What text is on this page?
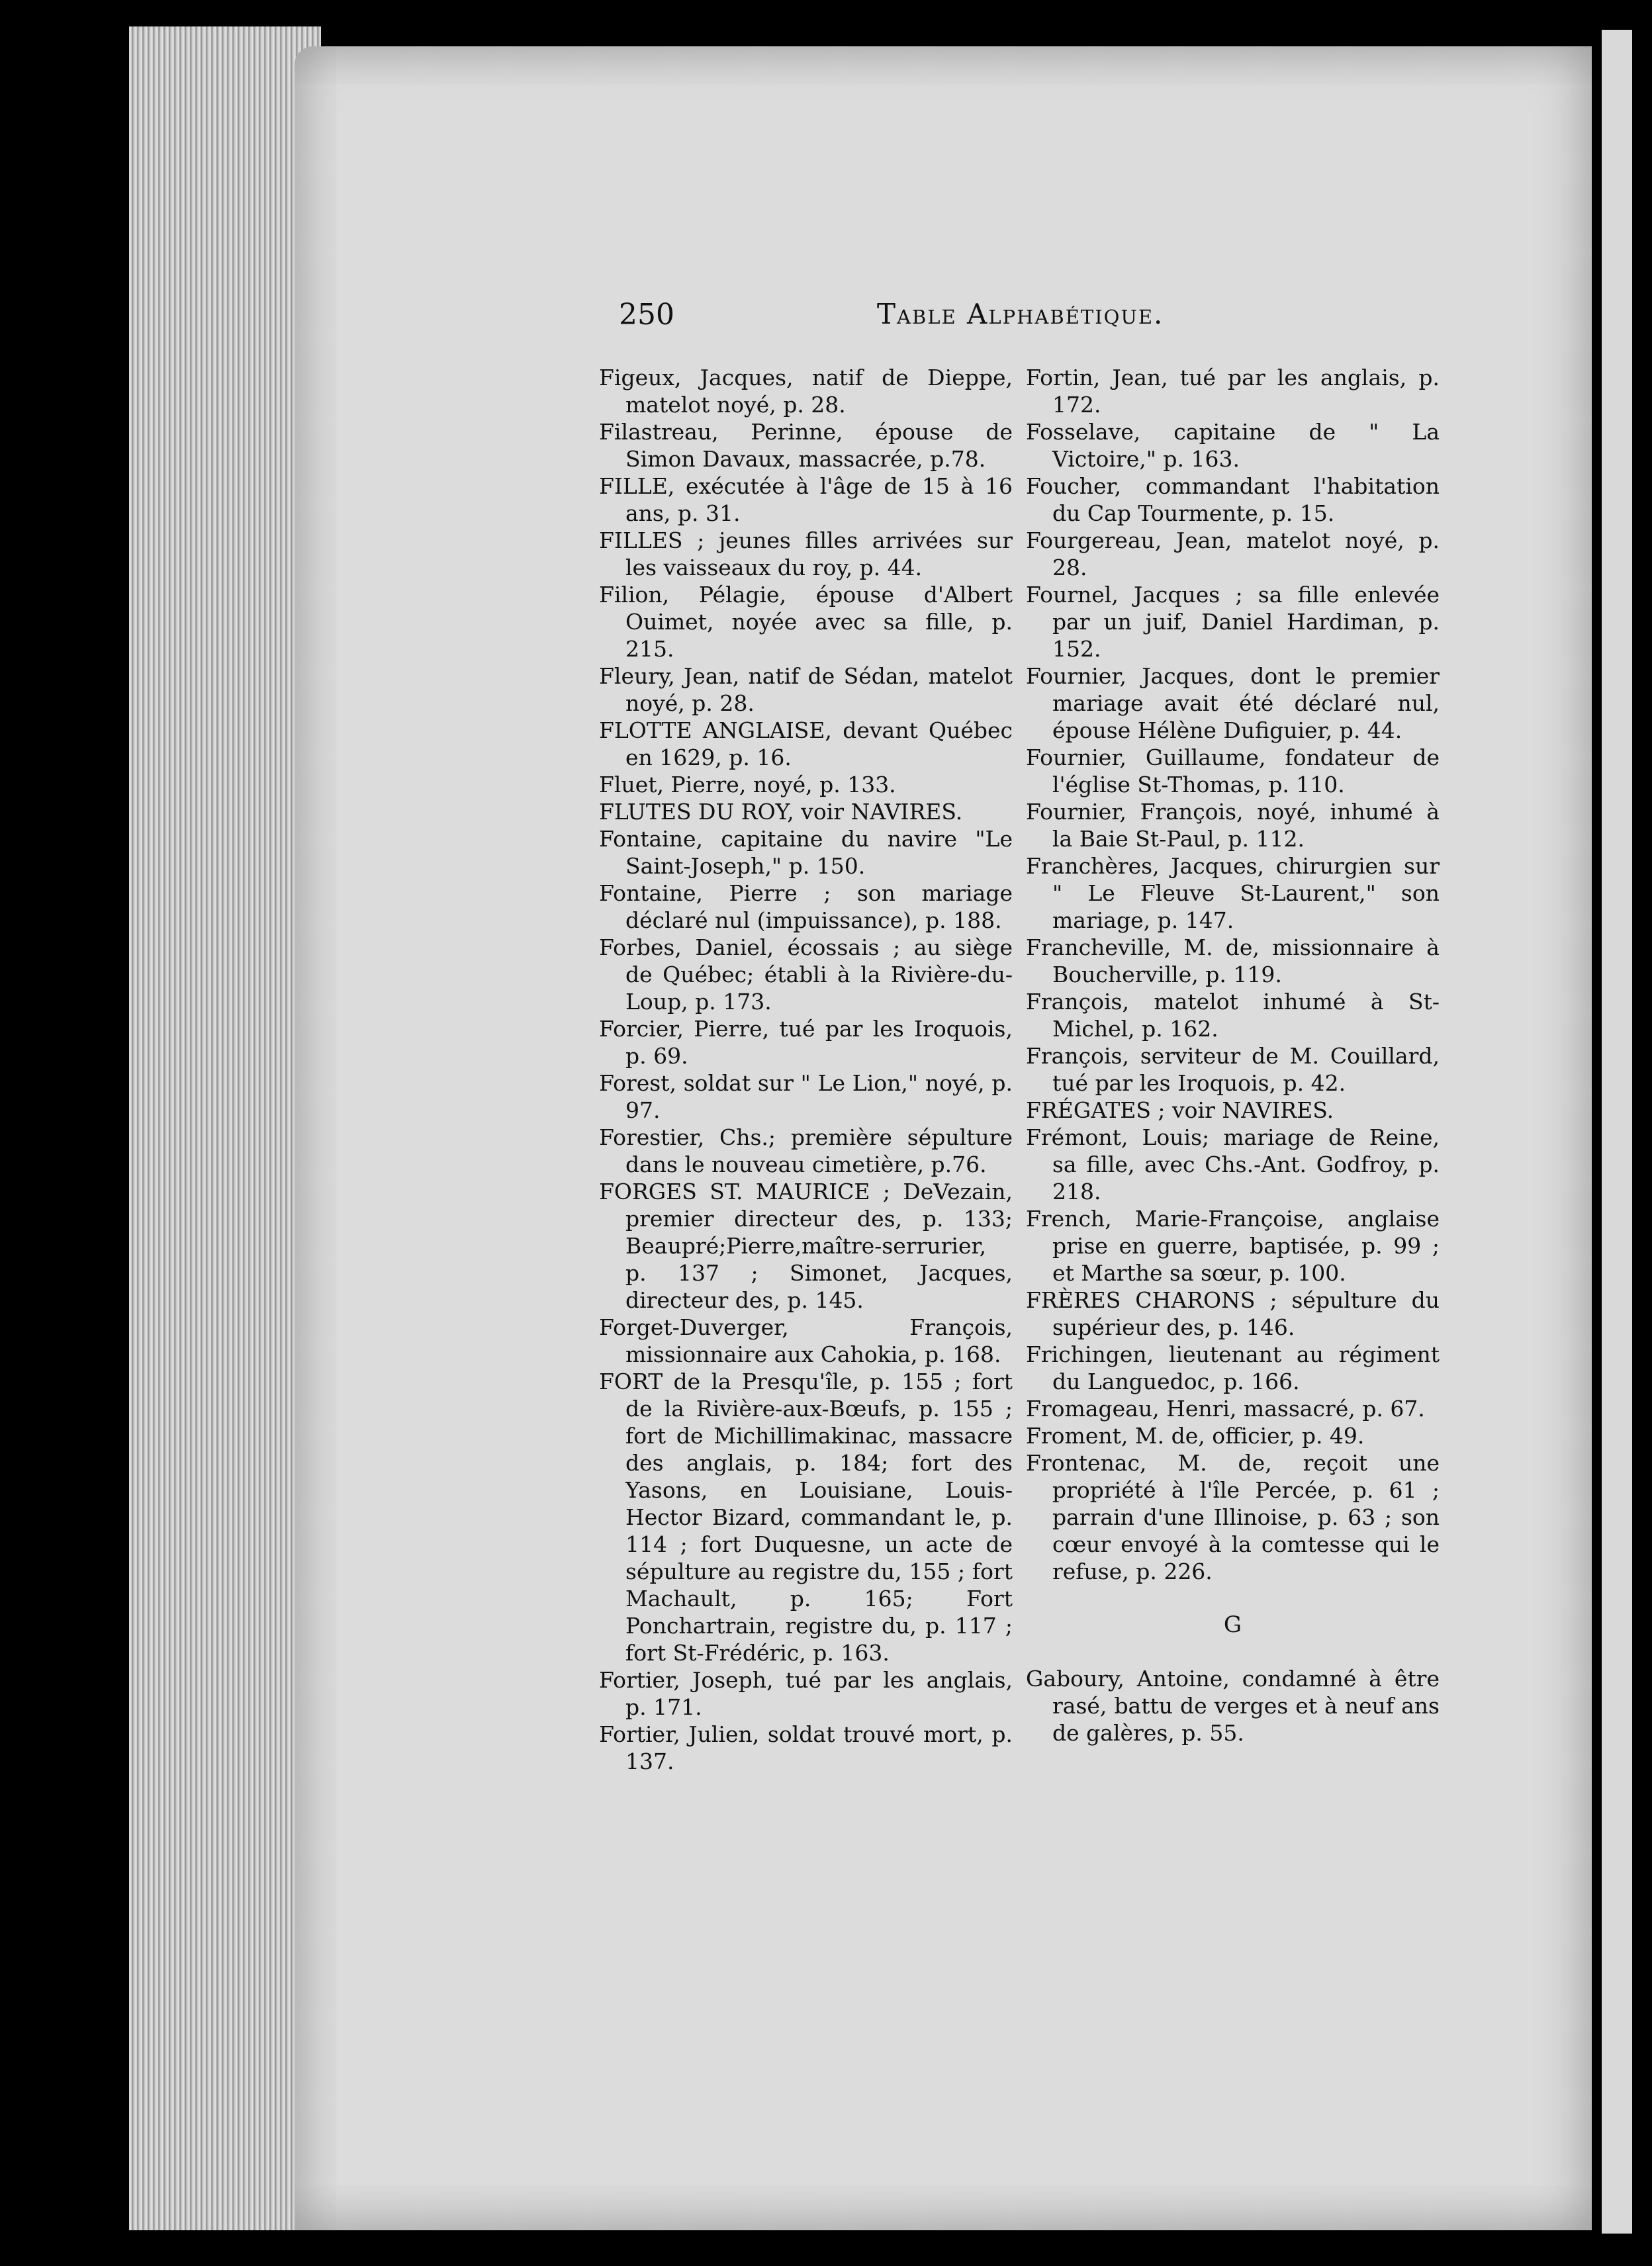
250	Table Alphabétique.
Figeux, Jacques, natif de Dieppe, matelot noyé, p. 28.
Filastreau, Perinne, épouse de Simon Davaux, massacrée, p.78.
FILLE, exécutée à l'âge de 15 à 16 ans, p. 31.
FILLES ; jeunes filles arrivées sur les vaisseaux du roy, p. 44.
Filion, Pélagie, épouse d'Albert Ouimet, noyée avec sa fille, p. 215.
Fleury, Jean, natif de Sédan, matelot noyé, p. 28.
FLOTTE ANGLAISE, devant Québec en 1629, p. 16.
Fluet, Pierre, noyé, p. 133.
FLUTES DU ROY, voir NAVIRES.
Fontaine, capitaine du navire "Le Saint-Joseph," p. 150.
Fontaine, Pierre ; son mariage déclaré nul (impuissance), p. 188.
Forbes, Daniel, écossais ; au siège de Québec; établi à la Rivière-du-Loup, p. 173.
Forcier, Pierre, tué par les Iroquois, p. 69.
Forest, soldat sur " Le Lion," noyé, p. 97.
Forestier, Chs.; première sépulture dans le nouveau cimetière, p.76.
FORGES ST. MAURICE ; DeVezain, premier directeur des, p. 133; Beaupré;Pierre,maître-serrurier, p. 137 ; Simonet, Jacques, directeur des, p. 145.
Forget-Duverger, François, missionnaire aux Cahokia, p. 168.
FORT de la Presqu'île, p. 155 ; fort de la Rivière-aux-Bœufs, p. 155 ; fort de Michillimakinac, massacre des anglais, p. 184; fort des Yasons, en Louisiane, Louis-Hector Bizard, commandant le, p. 114 ; fort Duquesne, un acte de sépulture au registre du, 155 ; fort Machault, p. 165; Fort Ponchartrain, registre du, p. 117 ; fort St-Frédéric, p. 163.
Fortier, Joseph, tué par les anglais, p. 171.
Fortier, Julien, soldat trouvé mort, p. 137.
Fortin, Jean, tué par les anglais, p. 172.
Fosselave, capitaine de " La Victoire," p. 163.
Foucher, commandant l'habitation du Cap Tourmente, p. 15.
Fourgereau, Jean, matelot noyé, p. 28.
Fournel, Jacques ; sa fille enlevée par un juif, Daniel Hardiman, p. 152.
Fournier, Jacques, dont le premier mariage avait été déclaré nul, épouse Hélène Dufiguier, p. 44.
Fournier, Guillaume, fondateur de l'église St-Thomas, p. 110.
Fournier, François, noyé, inhumé à la Baie St-Paul, p. 112.
Franchères, Jacques, chirurgien sur " Le Fleuve St-Laurent," son mariage, p. 147.
Francheville, M. de, missionnaire à Boucherville, p. 119.
François, matelot inhumé à St-Michel, p. 162.
François, serviteur de M. Couillard, tué par les Iroquois, p. 42.
FRÉGATES ; voir NAVIRES.
Frémont, Louis; mariage de Reine, sa fille, avec Chs.-Ant. Godfroy, p. 218.
French, Marie-Françoise, anglaise prise en guerre, baptisée, p. 99 ; et Marthe sa sœur, p. 100.
FRÈRES CHARONS ; sépulture du supérieur des, p. 146.
Frichingen, lieutenant au régiment du Languedoc, p. 166.
Fromageau, Henri, massacré, p. 67.
Froment, M. de, officier, p. 49.
Frontenac, M. de, reçoit une propriété à l'île Percée, p. 61 ; parrain d'une Illinoise, p. 63 ; son cœur envoyé à la comtesse qui le refuse, p. 226.
G
Gaboury, Antoine, condamné à être rasé, battu de verges et à neuf ans de galères, p. 55.
